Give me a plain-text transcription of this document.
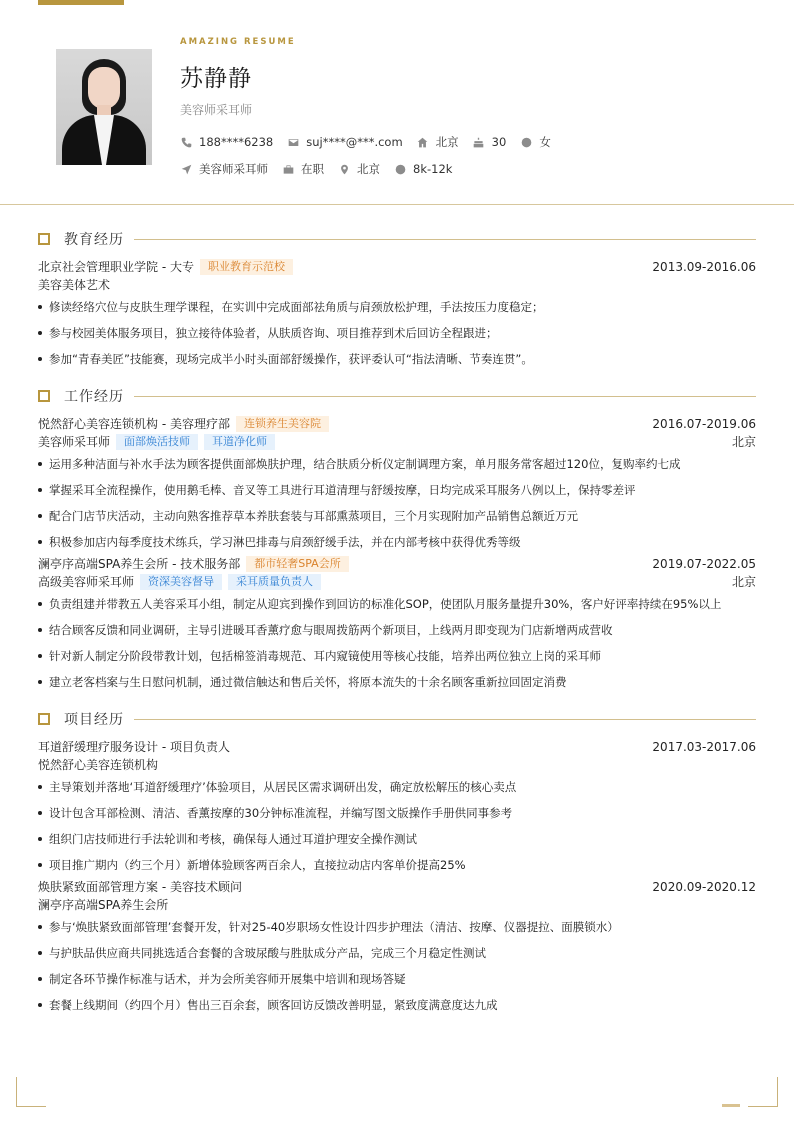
AMAZING RESUME
苏静静
美容师采耳师
188****6238	suj****@***.com	北京	30	女
美容师采耳师	在职	北京	8k-12k
教育经历
北京社会管理职业学院 - 大专 职业教育示范校	2013.09-2016.06
美容美体艺术
修读经络穴位与皮肤生理学课程，在实训中完成面部祛角质与肩颈放松护理，手法按压力度稳定；
参与校园美体服务项目，独立接待体验者，从肤质咨询、项目推荐到术后回访全程跟进；
参加“青春美匠”技能赛，现场完成半小时头面部舒缓操作，获评委认可“指法清晰、节奏连贯”。
工作经历
悦然舒心美容连锁机构 - 美容理疗部 连锁养生美容院	2016.07-2019.06
美容师采耳师 面部焕活技师 耳道净化师	北京
运用多种洁面与补水手法为顾客提供面部焕肤护理，结合肤质分析仪定制调理方案，单月服务常客超过120位，复购率约七成
掌握采耳全流程操作，使用鹅毛棒、音叉等工具进行耳道清理与舒缓按摩，日均完成采耳服务八例以上，保持零差评
配合门店节庆活动，主动向熟客推荐草本养肤套装与耳部熏蒸项目，三个月实现附加产品销售总额近万元
积极参加店内每季度技术练兵，学习淋巴排毒与肩颈舒缓手法，并在内部考核中获得优秀等级
澜亭序高端SPA养生会所 - 技术服务部 都市轻奢SPA会所	2019.07-2022.05
高级美容师采耳师 资深美容督导 采耳质量负责人	北京
负责组建并带教五人美容采耳小组，制定从迎宾到操作到回访的标准化SOP，使团队月服务量提升30%，客户好评率持续在95%以上
结合顾客反馈和同业调研，主导引进暖耳香薰疗愈与眼周拨筋两个新项目，上线两月即变现为门店新增两成营收
针对新人制定分阶段带教计划，包括棉签消毒规范、耳内窥镜使用等核心技能，培养出两位独立上岗的采耳师
建立老客档案与生日慰问机制，通过微信触达和售后关怀，将原本流失的十余名顾客重新拉回固定消费
项目经历
耳道舒缓理疗服务设计 - 项目负责人	2017.03-2017.06
悦然舒心美容连锁机构
主导策划并落地‘耳道舒缓理疗’体验项目，从居民区需求调研出发，确定放松解压的核心卖点
设计包含耳部检测、清洁、香薰按摩的30分钟标准流程，并编写图文版操作手册供同事参考
组织门店技师进行手法轮训和考核，确保每人通过耳道护理安全操作测试
项目推广期内（约三个月）新增体验顾客两百余人，直接拉动店内客单价提高25%
焕肤紧致面部管理方案 - 美容技术顾问	2020.09-2020.12
澜亭序高端SPA养生会所
参与‘焕肤紧致面部管理’套餐开发，针对25-40岁职场女性设计四步护理法（清洁、按摩、仪器提拉、面膜锁水）
与护肤品供应商共同挑选适合套餐的含玻尿酸与胜肽成分产品，完成三个月稳定性测试
制定各环节操作标准与话术，并为会所美容师开展集中培训和现场答疑
套餐上线期间（约四个月）售出三百余套，顾客回访反馈改善明显，紧致度满意度达九成
